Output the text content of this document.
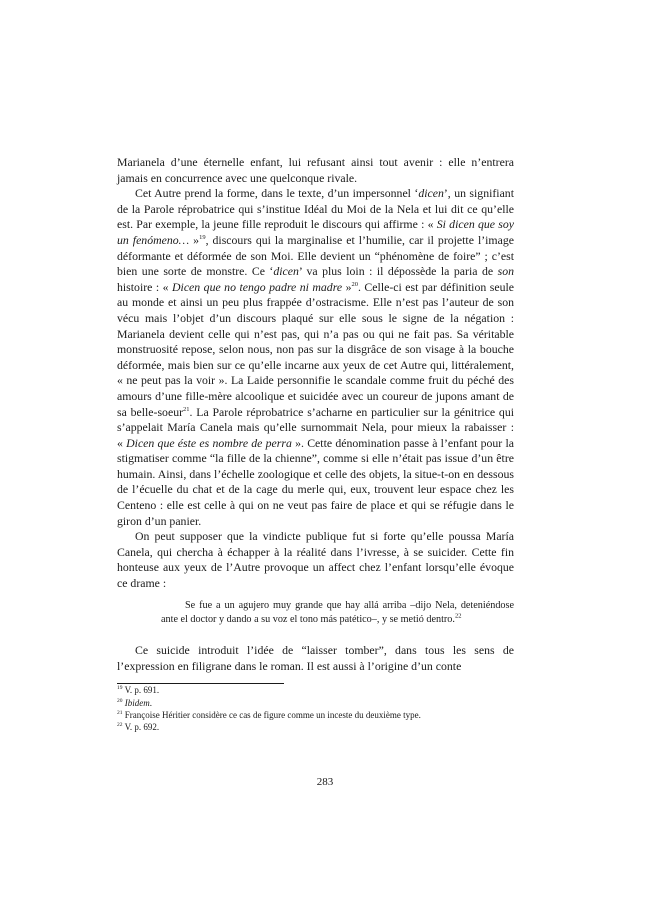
Marianela d’une éternelle enfant, lui refusant ainsi tout avenir : elle n’entrera jamais en concurrence avec une quelconque rivale.

Cet Autre prend la forme, dans le texte, d’un impersonnel ‘dicen’, un signifiant de la Parole réprobatrice qui s’institue Idéal du Moi de la Nela et lui dit ce qu’elle est. Par exemple, la jeune fille reproduit le discours qui affirme : « Si dicen que soy un fenómeno… »$^{19}$, discours qui la marginalise et l’humilie, car il projette l’image déformante et déformée de son Moi. Elle devient un “phénomène de foire” ; c’est bien une sorte de monstre. Ce ‘dicen’ va plus loin : il dépossède la paria de son histoire : « Dicen que no tengo padre ni madre »$^{20}$. Celle-ci est par définition seule au monde et ainsi un peu plus frappée d’ostracisme. Elle n’est pas l’auteur de son vécu mais l’objet d’un discours plaqué sur elle sous le signe de la négation : Marianela devient celle qui n’est pas, qui n’a pas ou qui ne fait pas. Sa véritable monstruosité repose, selon nous, non pas sur la disgrâce de son visage à la bouche déformée, mais bien sur ce qu’elle incarne aux yeux de cet Autre qui, littéralement, « ne peut pas la voir ». La Laide personnifie le scandale comme fruit du péché des amours d’une fille-mère alcoolique et suicidée avec un coureur de jupons amant de sa belle-soeur$^{21}$. La Parole réprobatrice s’acharne en particulier sur la génitrice qui s’appelait María Canela mais qu’elle surnommait Nela, pour mieux la rabaisser : « Dicen que éste es nombre de perra ». Cette dénomination passe à l’enfant pour la stigmatiser comme “la fille de la chienne”, comme si elle n’était pas issue d’un être humain. Ainsi, dans l’échelle zoologique et celle des objets, la situe-t-on en dessous de l’écuelle du chat et de la cage du merle qui, eux, trouvent leur espace chez les Centeno : elle est celle à qui on ne veut pas faire de place et qui se réfugie dans le giron d’un panier.

On peut supposer que la vindicte publique fut si forte qu’elle poussa María Canela, qui chercha à échapper à la réalité dans l’ivresse, à se suicider. Cette fin honteuse aux yeux de l’Autre provoque un affect chez l’enfant lorsqu’elle évoque ce drame :

Se fue a un agujero muy grande que hay allá arriba –dijo Nela, deteniéndose ante el doctor y dando a su voz el tono más patético–, y se metió dentro.$^{22}$

Ce suicide introduit l’idée de “laisser tomber”, dans tous les sens de l’expression en filigrane dans le roman. Il est aussi à l’origine d’un conte

$^{19}$ V. p. 691.

$^{20}$ Ibidem.

$^{21}$ Françoise Héritier considère ce cas de figure comme un inceste du deuxième type.

$^{22}$ V. p. 692.

283
